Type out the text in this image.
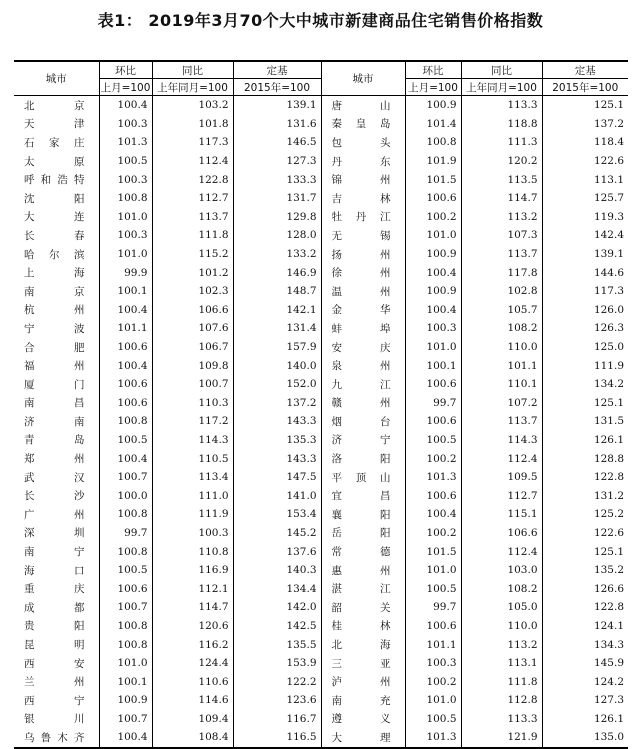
表1： 2019年3月70个大中城市新建商品住宅销售价格指数
城市	环比	同比	定基	城市	环比	同比	定基
	上月=100	上年同月=100	2015年=100		上月=100	上年同月=100	2015年=100

北 京	100.4	103.2	139.1	唐 山	100.9	113.3	125.1

天 津	100.3	101.8	131.6	秦皇岛	101.4	118.8	137.2

石家庄	101.3	117.3	146.5	包 头	100.8	111.3	118.4

太 原	100.5	112.4	127.3	丹 东	101.9	120.2	122.6

呼和浩特	100.3	122.8	133.3	锦 州	101.5	113.5	113.1

沈 阳	100.8	112.7	131.7	吉 林	100.6	114.7	125.7

大 连	101.0	113.7	129.8	牡丹江	100.2	113.2	119.3

长 春	100.3	111.8	128.0	无 锡	101.0	107.3	142.4

哈尔滨	101.0	115.2	133.2	扬 州	100.9	113.7	139.1

上 海	99.9	101.2	146.9	徐 州	100.4	117.8	144.6

南 京	100.1	102.3	148.7	温 州	100.9	102.8	117.3

杭 州	100.4	106.6	142.1	金 华	100.4	105.7	126.0

宁 波	101.1	107.6	131.4	蚌 埠	100.3	108.2	126.3

合 肥	100.6	106.7	157.9	安 庆	101.0	110.0	125.0

福 州	100.4	109.8	140.0	泉 州	100.1	101.1	111.9

厦 门	100.6	100.7	152.0	九 江	100.6	110.1	134.2

南 昌	100.6	110.3	137.2	赣 州	99.7	107.2	125.1

济 南	100.8	117.2	143.3	烟 台	100.6	113.7	131.5

青 岛	100.5	114.3	135.3	济 宁	100.5	114.3	126.1

郑 州	100.4	110.5	143.3	洛 阳	100.2	112.4	128.8

武 汉	100.7	113.4	147.5	平顶山	101.3	109.5	122.8

长 沙	100.0	111.0	141.0	宜 昌	100.6	112.7	131.2

广 州	100.8	111.9	153.4	襄 阳	100.4	115.1	125.2

深 圳	99.7	100.3	145.2	岳 阳	100.2	106.6	122.6

南 宁	100.8	110.8	137.6	常 德	101.5	112.4	125.1

海 口	100.5	116.9	140.3	惠 州	101.0	103.0	135.2

重 庆	100.6	112.1	134.4	湛 江	100.5	108.2	126.6

成 都	100.7	114.7	142.0	韶 关	99.7	105.0	122.8

贵 阳	100.8	120.6	142.5	桂 林	100.6	110.0	124.1

昆 明	100.8	116.2	135.5	北 海	101.1	113.2	134.3

西 安	101.0	124.4	153.9	三 亚	100.3	113.1	145.9

兰 州	100.1	110.6	122.2	泸 州	100.2	111.8	124.2

西 宁	100.9	114.6	123.6	南 充	101.0	112.8	127.3

银 川	100.7	109.4	116.7	遵 义	100.5	113.3	126.1

乌鲁木齐	100.4	108.4	116.5	大 理	101.3	121.9	135.0
